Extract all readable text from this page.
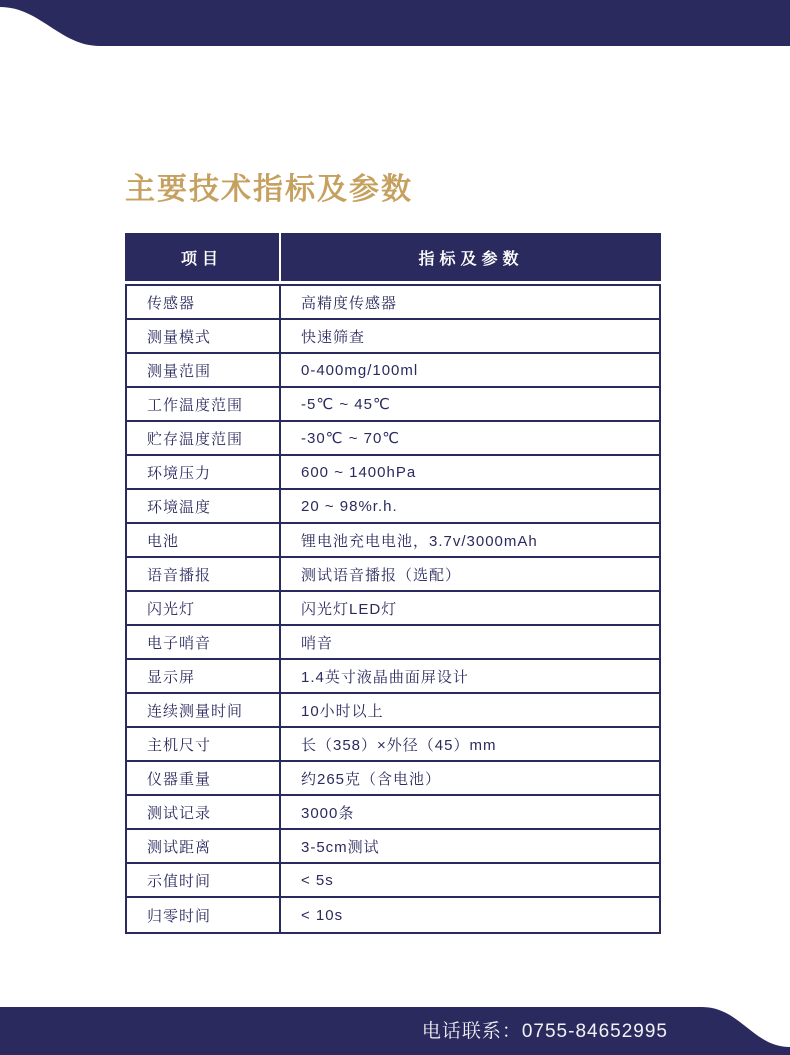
主要技术指标及参数
项目	指标及参数
传感器	高精度传感器
测量模式	快速筛查
测量范围	0-400mg/100ml
工作温度范围	-5℃ ~ 45℃
贮存温度范围	-30℃ ~ 70℃
环境压力	600 ~ 1400hPa
环境温度	20 ~ 98%r.h.
电池	锂电池充电电池，3.7v/3000mAh
语音播报	测试语音播报（选配）
闪光灯	闪光灯LED灯
电子哨音	哨音
显示屏	1.4英寸液晶曲面屏设计
连续测量时间	10小时以上
主机尺寸	长（358）×外径（45）mm
仪器重量	约265克（含电池）
测试记录	3000条
测试距离	3-5cm测试
示值时间	< 5s
归零时间	< 10s
电话联系：0755-84652995
